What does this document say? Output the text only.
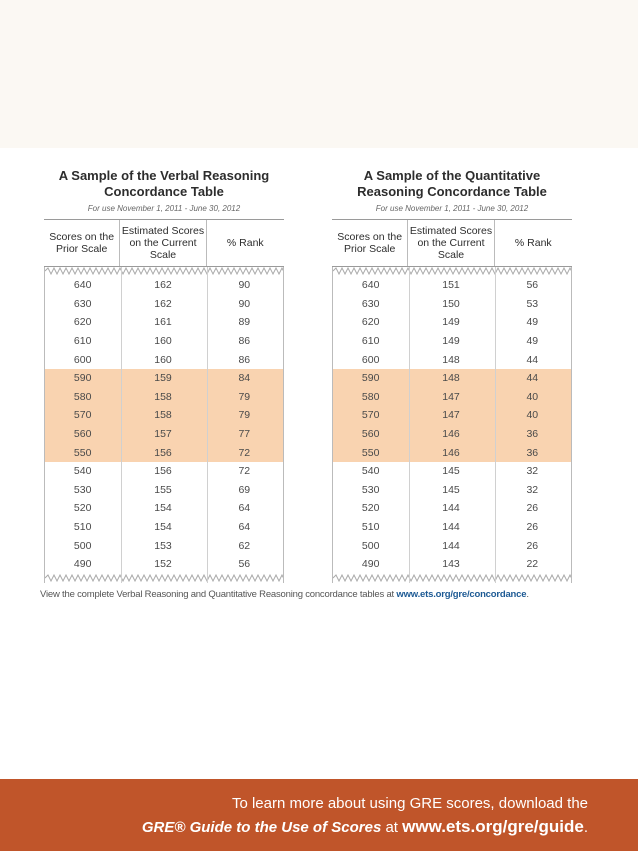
A Sample of the Verbal Reasoning Concordance Table
For use November 1, 2011 - June 30, 2012
Scores on the Prior Scale
Estimated Scores on the Current Scale
% Rank
640	162	90
630	162	90
620	161	89
610	160	86
600	160	86
590	159	84
580	158	79
570	158	79
560	157	77
550	156	72
540	156	72
530	155	69
520	154	64
510	154	64
500	153	62
490	152	56
A Sample of the Quantitative Reasoning Concordance Table
For use November 1, 2011 - June 30, 2012
Scores on the Prior Scale
Estimated Scores on the Current Scale
% Rank
640	151	56
630	150	53
620	149	49
610	149	49
600	148	44
590	148	44
580	147	40
570	147	40
560	146	36
550	146	36
540	145	32
530	145	32
520	144	26
510	144	26
500	144	26
490	143	22
View the complete Verbal Reasoning and Quantitative Reasoning concordance tables at www.ets.org/gre/concordance.
To learn more about using GRE scores, download the
GRE® Guide to the Use of Scores at www.ets.org/gre/guide.
